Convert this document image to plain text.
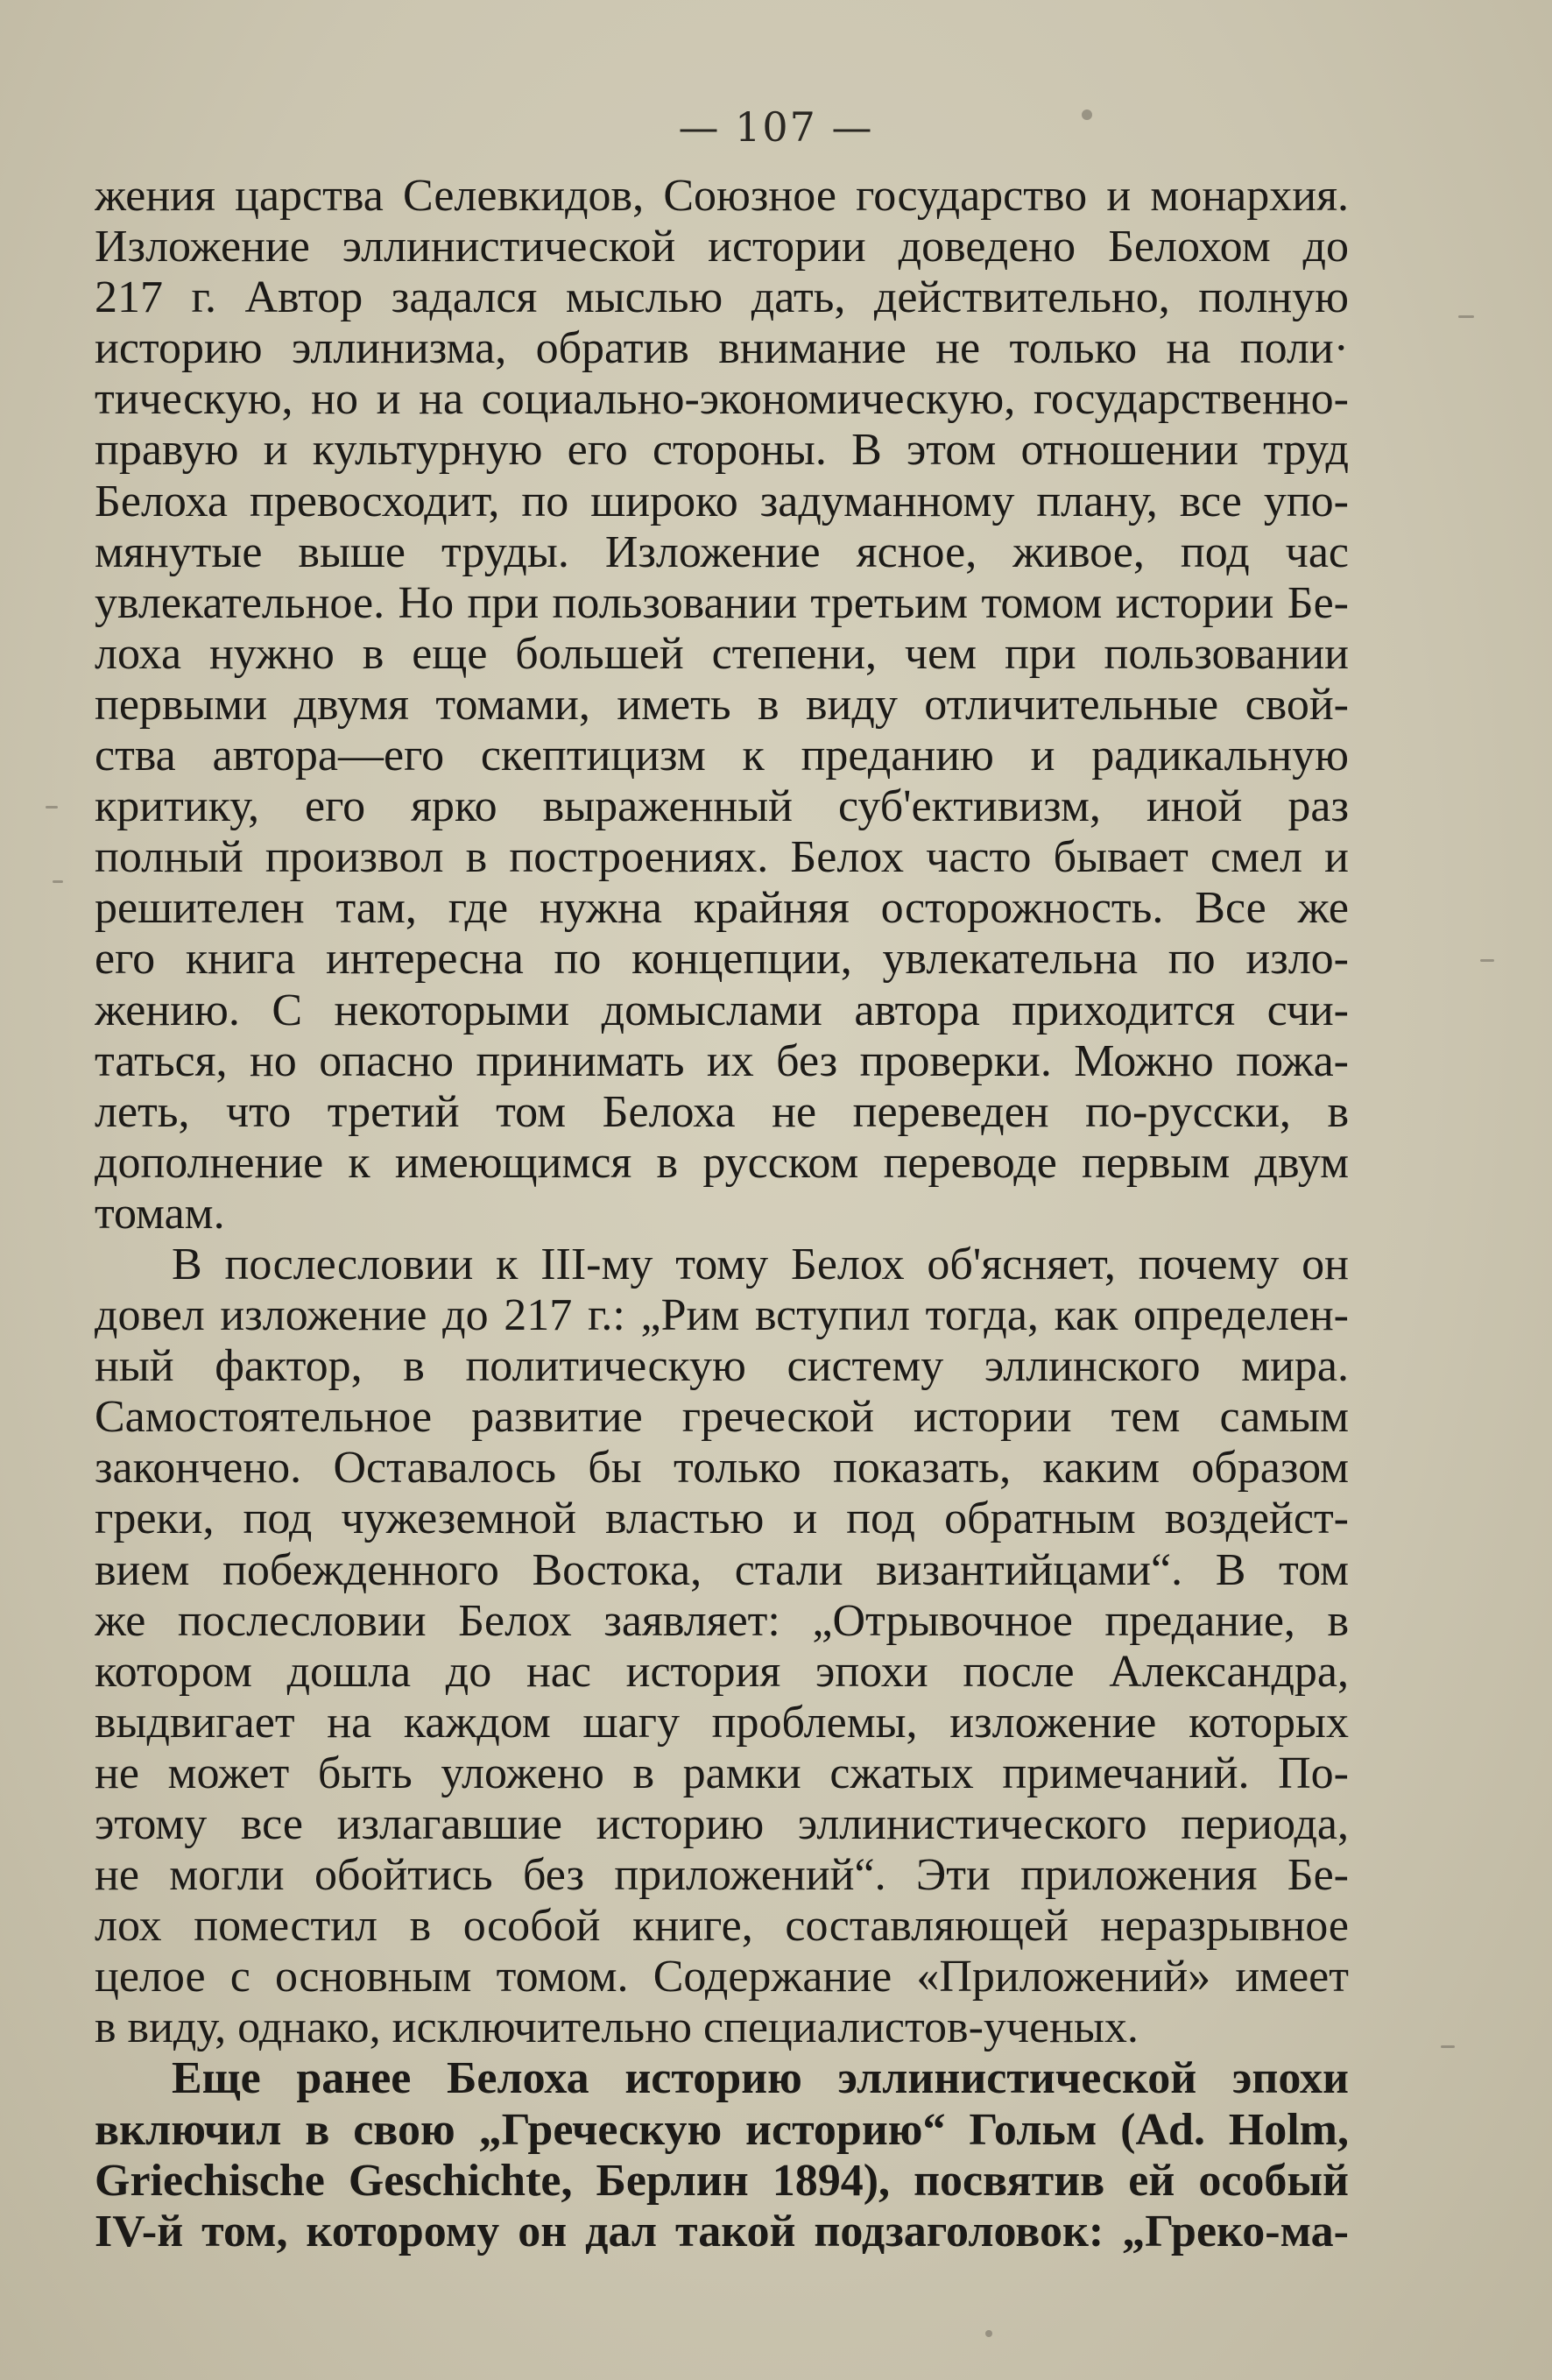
— 107 —
жения царства Селевкидов, Союзное государство и монархия.
Изложение эллинистической истории доведено Белохом до
217 г. Автор задался мыслью дать, действительно, полную
историю эллинизма, обратив внимание не только на поли·
тическую, но и на социально-экономическую, государственно-
правую и культурную его стороны. В этом отношении труд
Белоха превосходит, по широко задуманному плану, все упо-
мянутые выше труды. Изложение ясное, живое, под час
увлекательное. Но при пользовании третьим томом истории Бе-
лоха нужно в еще большей степени, чем при пользовании
первыми двумя томами, иметь в виду отличительные свой-
ства автора—его скептицизм к преданию и радикальную
критику, его ярко выраженный суб'ективизм, иной раз
полный произвол в построениях. Белох часто бывает смел и
решителен там, где нужна крайняя осторожность. Все же
его книга интересна по концепции, увлекательна по изло-
жению. С некоторыми домыслами автора приходится счи-
таться, но опасно принимать их без проверки. Можно пожа-
леть, что третий том Белоха не переведен по-русски, в
дополнение к имеющимся в русском переводе первым двум
томам.
В послесловии к III-му тому Белох об'ясняет, почему он
довел изложение до 217 г.: „Рим вступил тогда, как определен-
ный фактор, в политическую систему эллинского мира.
Самостоятельное развитие греческой истории тем самым
закончено. Оставалось бы только показать, каким образом
греки, под чужеземной властью и под обратным воздейст-
вием побежденного Востока, стали византийцами“. В том
же послесловии Белох заявляет: „Отрывочное предание, в
котором дошла до нас история эпохи после Александра,
выдвигает на каждом шагу проблемы, изложение которых
не может быть уложено в рамки сжатых примечаний. По-
этому все излагавшие историю эллинистического периода,
не могли обойтись без приложений“. Эти приложения Бе-
лох поместил в особой книге, составляющей неразрывное
целое с основным томом. Содержание «Приложений» имеет
в виду, однако, исключительно специалистов-ученых.
Еще ранее Белоха историю эллинистической эпохи
включил в свою „Греческую историю“ Гольм (Ad. Holm,
Griechische Geschichte, Берлин 1894), посвятив ей особый
IV-й том, которому он дал такой подзаголовок: „Греко-ма-
